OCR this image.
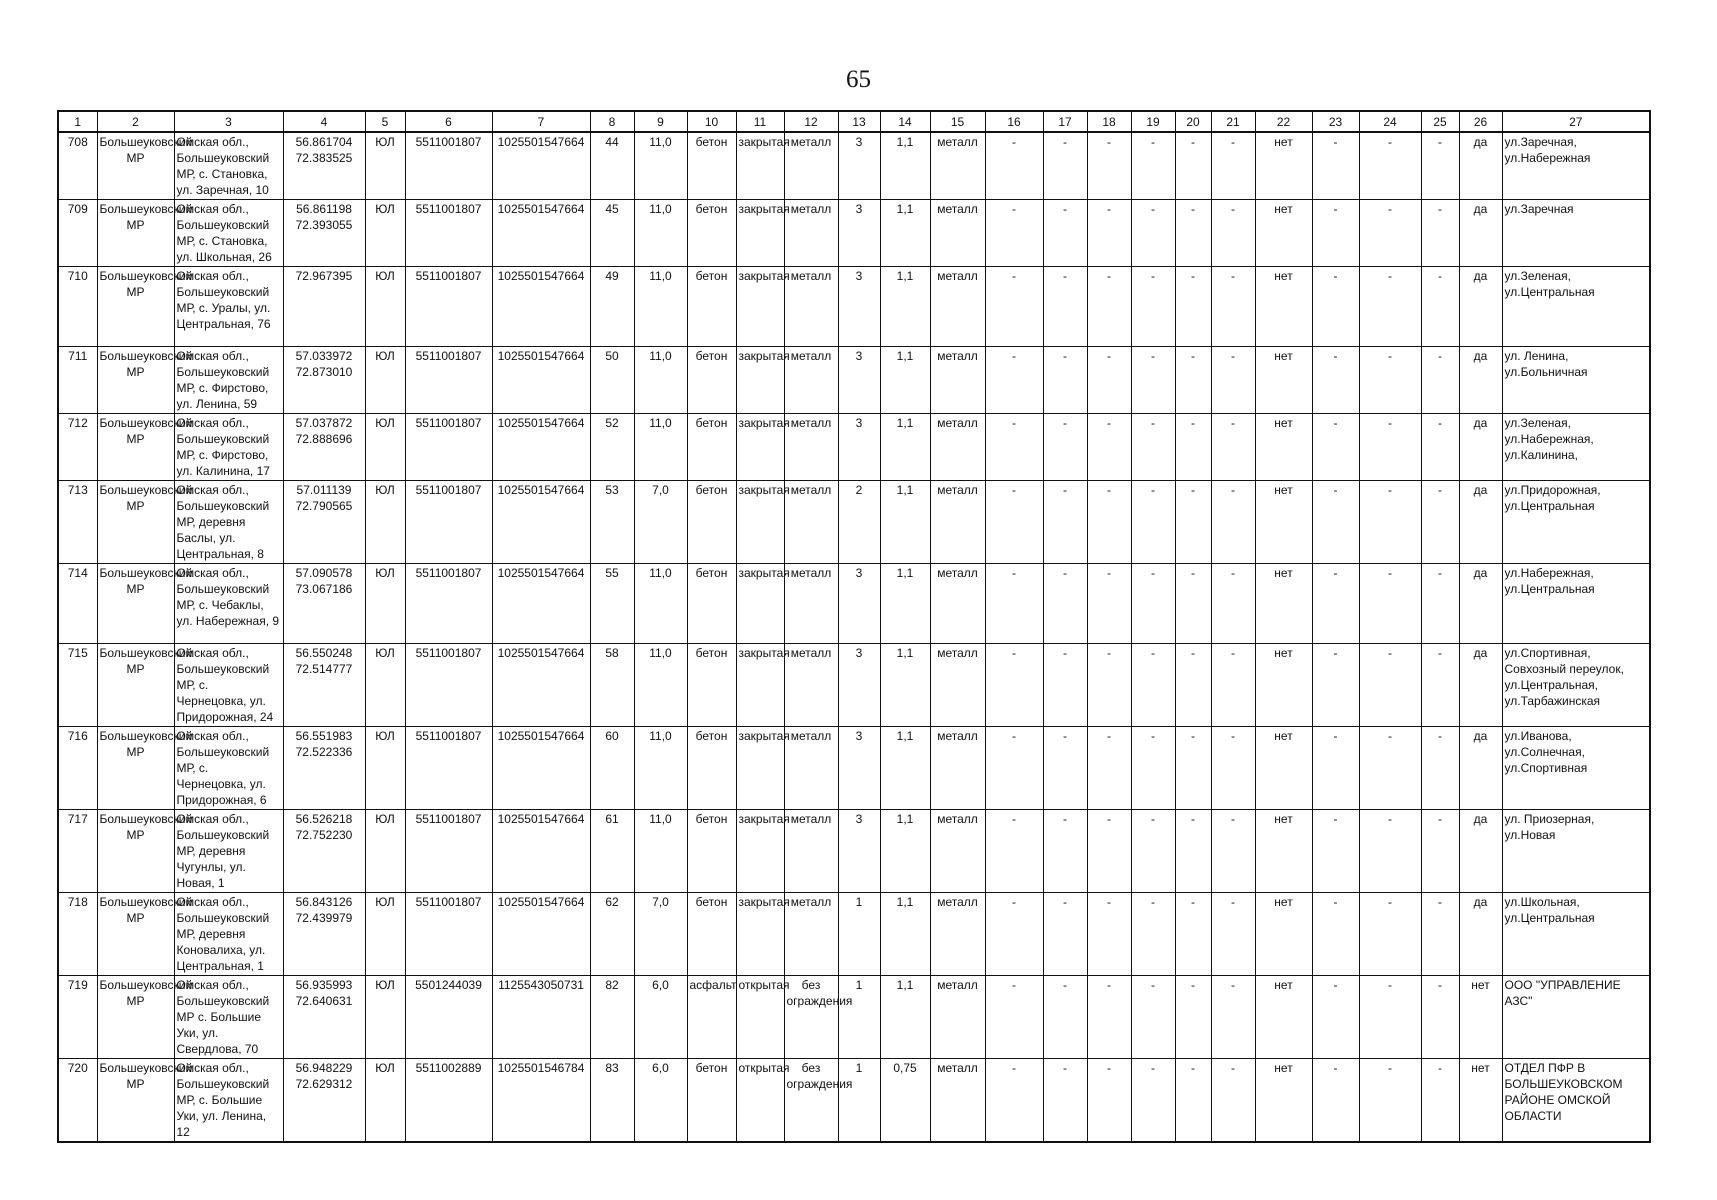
65
1	2	3	4	5	6	7	8	9	10	11	12	13	14	15	16	17	18	19	20	21	22	23	24	25	26	27
708	Большеуковский МР	Омская обл., Большеуковский МР, с. Становка, ул. Заречная, 10	56.861704 72.383525	ЮЛ	5511001807	1025501547664	44	11,0	бетон	закрытая	металл	3	1,1	металл	-	-	-	-	-	-	нет	-	-	-	да	ул.Заречная, ул.Набережная
709	Большеуковский МР	Омская обл., Большеуковский МР, с. Становка, ул. Школьная, 26	56.861198 72.393055	ЮЛ	5511001807	1025501547664	45	11,0	бетон	закрытая	металл	3	1,1	металл	-	-	-	-	-	-	нет	-	-	-	да	ул.Заречная
710	Большеуковский МР	Омская обл., Большеуковский МР, с. Уралы, ул. Центральная, 76	72.967395	ЮЛ	5511001807	1025501547664	49	11,0	бетон	закрытая	металл	3	1,1	металл	-	-	-	-	-	-	нет	-	-	-	да	ул.Зеленая, ул.Центральная
711	Большеуковский МР	Омская обл., Большеуковский МР, с. Фирстово, ул. Ленина, 59	57.033972 72.873010	ЮЛ	5511001807	1025501547664	50	11,0	бетон	закрытая	металл	3	1,1	металл	-	-	-	-	-	-	нет	-	-	-	да	ул. Ленина, ул.Больничная
712	Большеуковский МР	Омская обл., Большеуковский МР, с. Фирстово, ул. Калинина, 17	57.037872 72.888696	ЮЛ	5511001807	1025501547664	52	11,0	бетон	закрытая	металл	3	1,1	металл	-	-	-	-	-	-	нет	-	-	-	да	ул.Зеленая, ул.Набережная, ул.Калинина,
713	Большеуковский МР	Омская обл., Большеуковский МР, деревня Баслы, ул. Центральная, 8	57.011139 72.790565	ЮЛ	5511001807	1025501547664	53	7,0	бетон	закрытая	металл	2	1,1	металл	-	-	-	-	-	-	нет	-	-	-	да	ул.Придорожная, ул.Центральная
714	Большеуковский МР	Омская обл., Большеуковский МР, с. Чебаклы, ул. Набережная, 9	57.090578 73.067186	ЮЛ	5511001807	1025501547664	55	11,0	бетон	закрытая	металл	3	1,1	металл	-	-	-	-	-	-	нет	-	-	-	да	ул.Набережная, ул.Центральная
715	Большеуковский МР	Омская обл., Большеуковский МР, с. Чернецовка, ул. Придорожная, 24	56.550248 72.514777	ЮЛ	5511001807	1025501547664	58	11,0	бетон	закрытая	металл	3	1,1	металл	-	-	-	-	-	-	нет	-	-	-	да	ул.Спортивная, Совхозный переулок, ул.Центральная, ул.Тарбажинская
716	Большеуковский МР	Омская обл., Большеуковский МР, с. Чернецовка, ул. Придорожная, 6	56.551983 72.522336	ЮЛ	5511001807	1025501547664	60	11,0	бетон	закрытая	металл	3	1,1	металл	-	-	-	-	-	-	нет	-	-	-	да	ул.Иванова, ул.Солнечная, ул.Спортивная
717	Большеуковский МР	Омская обл., Большеуковский МР, деревня Чугунлы, ул. Новая, 1	56.526218 72.752230	ЮЛ	5511001807	1025501547664	61	11,0	бетон	закрытая	металл	3	1,1	металл	-	-	-	-	-	-	нет	-	-	-	да	ул. Приозерная, ул.Новая
718	Большеуковский МР	Омская обл., Большеуковский МР, деревня Коновалиха, ул. Центральная, 1	56.843126 72.439979	ЮЛ	5511001807	1025501547664	62	7,0	бетон	закрытая	металл	1	1,1	металл	-	-	-	-	-	-	нет	-	-	-	да	ул.Школьная, ул.Центральная
719	Большеуковский МР	Омская обл., Большеуковский МР с. Большие Уки, ул. Свердлова, 70	56.935993 72.640631	ЮЛ	5501244039	1125543050731	82	6,0	асфальт	открытая	без ограждения	1	1,1	металл	-	-	-	-	-	-	нет	-	-	-	нет	ООО "УПРАВЛЕНИЕ АЗС"
720	Большеуковский МР	Омская обл., Большеуковский МР, с. Большие Уки, ул. Ленина, 12	56.948229 72.629312	ЮЛ	5511002889	1025501546784	83	6,0	бетон	открытая	без ограждения	1	0,75	металл	-	-	-	-	-	-	нет	-	-	-	нет	ОТДЕЛ ПФР В БОЛЬШЕУКОВСКОМ РАЙОНЕ ОМСКОЙ ОБЛАСТИ
